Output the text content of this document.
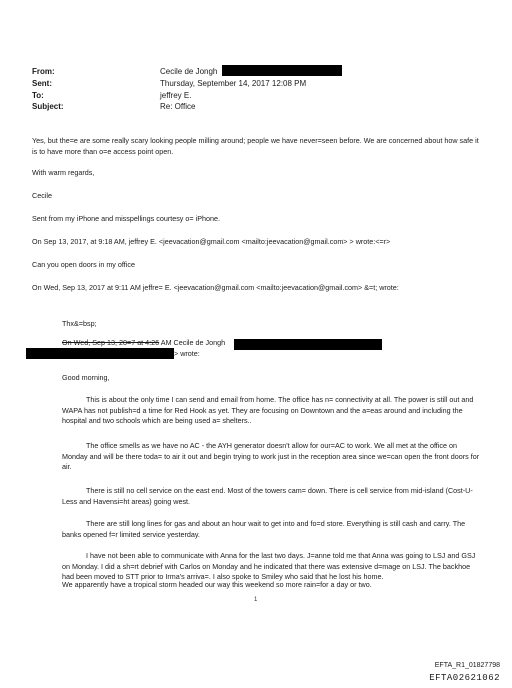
From:	Cecile de Jongh
Sent:	Thursday, September 14, 2017 12:08 PM
To:	jeffrey E.
Subject:	Re: Office
Yes, but the=e are some really scary looking people milling around; people we have never=seen before. We are concerned about how safe it is to have more than o=e access point open.
With warm regards,
Cecile
Sent from my iPhone and misspellings courtesy o= iPhone.
On Sep 13, 2017, at 9:18 AM, jeffrey E. <jeevacation@gmail.com <mailto:jeevacation@gmail.com> > wrote:<=r>
Can you open doors in my office
On Wed, Sep 13, 2017 at 9:11 AM jeffre= E. <jeevacation@gmail.com <mailto:jeevacation@gmail.com> &=t; wrote:
Thx&=bsp;
On Wed, Sep 13, 20=7 at 4:26 AM Cecile de Jongh
> wrote:
Good morning,
This is about the only time I can send and email from home. The office has n= connectivity at all. The power is still out and WAPA has not publish=d a time for Red Hook as yet. They are focusing on Downtown and the a=eas around and including the hospital and two schools which are being used a= shelters..
The office smells as we have no AC - the AYH generator doesn't allow for our=AC to work. We all met at the office on Monday and will be there toda= to air it out and begin trying to work just in the reception area since we=can open the front doors for air.
There is still no cell service on the east end. Most of the towers cam= down. There is cell service from mid-island (Cost-U-Less and Havensi=ht areas) going west.
There are still long lines for gas and about an hour wait to get into and fo=d store. Everything is still cash and carry. The banks opened f=r limited service yesterday.
I have not been able to communicate with Anna for the last two days. J=anne told me that Anna was going to LSJ and GSJ on Monday. I did a sh=rt debrief with Carlos on Monday and he indicated that there was extensive d=mage on LSJ. The backhoe had been moved to STT prior to Irma's arriva=. I also spoke to Smiley who said that he lost his home.
We apparently have a tropical storm headed our way this weekend so more rain=for a day or two.
1
EFTA_R1_01827798
EFTA02621062
